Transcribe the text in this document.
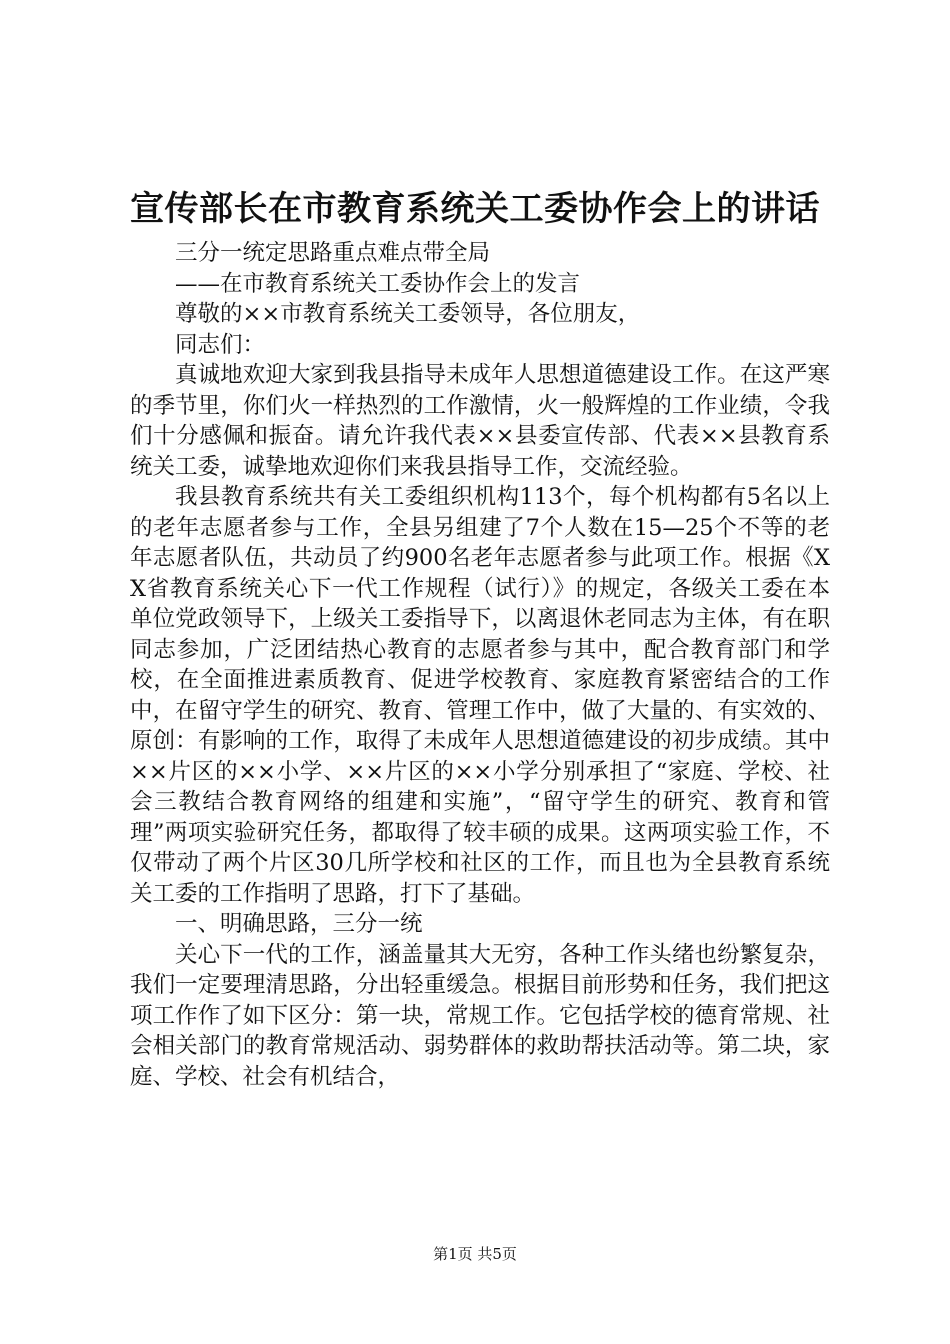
宣传部长在市教育系统关工委协作会上的讲话

三分一统定思路重点难点带全局

——在市教育系统关工委协作会上的发言

尊敬的××市教育系统关工委领导，各位朋友，

同志们：

真诚地欢迎大家到我县指导未成年人思想道德建设工作。在这严寒的季节里，你们火一样热烈的工作激情，火一般辉煌的工作业绩，令我们十分感佩和振奋。请允许我代表××县委宣传部、代表××县教育系统关工委，诚挚地欢迎你们来我县指导工作，交流经验。

我县教育系统共有关工委组织机构113个，每个机构都有5名以上的老年志愿者参与工作，全县另组建了7个人数在15—25个不等的老年志愿者队伍，共动员了约900名老年志愿者参与此项工作。根据《XX省教育系统关心下一代工作规程（试行）》的规定，各级关工委在本单位党政领导下，上级关工委指导下，以离退休老同志为主体，有在职同志参加，广泛团结热心教育的志愿者参与其中，配合教育部门和学校，在全面推进素质教育、促进学校教育、家庭教育紧密结合的工作中，在留守学生的研究、教育、管理工作中，做了大量的、有实效的、原创：有影响的工作，取得了未成年人思想道德建设的初步成绩。其中××片区的××小学、××片区的××小学分别承担了“家庭、学校、社会三教结合教育网络的组建和实施”，“留守学生的研究、教育和管理”两项实验研究任务，都取得了较丰硕的成果。这两项实验工作，不仅带动了两个片区30几所学校和社区的工作，而且也为全县教育系统关工委的工作指明了思路，打下了基础。

一、明确思路，三分一统

关心下一代的工作，涵盖量其大无穷，各种工作头绪也纷繁复杂，我们一定要理清思路，分出轻重缓急。根据目前形势和任务，我们把这项工作作了如下区分：第一块，常规工作。它包括学校的德育常规、社会相关部门的教育常规活动、弱势群体的救助帮扶活动等。第二块，家庭、学校、社会有机结合，

第1页 共5页
